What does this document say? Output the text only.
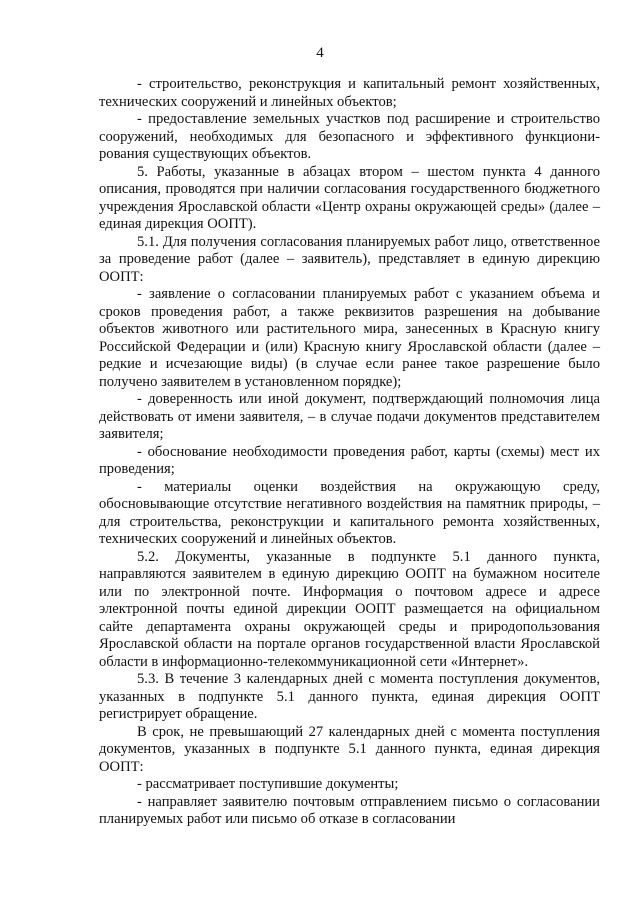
4

- строительство, реконструкция и капитальный ремонт хозяйственных, технических сооружений и линейных объектов;

- предоставление земельных участков под расширение и строительство сооружений, необходимых для безопасного и эффективного функциони-рования существующих объектов.

5. Работы, указанные в абзацах втором – шестом пункта 4 данного описания, проводятся при наличии согласования государственного бюджетного учреждения Ярославской области «Центр охраны окружающей среды» (далее – единая дирекция ООПТ).

5.1. Для получения согласования планируемых работ лицо, ответственное за проведение работ (далее – заявитель), представляет в единую дирекцию ООПТ:

- заявление о согласовании планируемых работ с указанием объема и сроков проведения работ, а также реквизитов разрешения на добывание объектов животного или растительного мира, занесенных в Красную книгу Российской Федерации и (или) Красную книгу Ярославской области (далее – редкие и исчезающие виды) (в случае если ранее такое разрешение было получено заявителем в установленном порядке);

- доверенность или иной документ, подтверждающий полномочия лица действовать от имени заявителя, – в случае подачи документов представителем заявителя;

- обоснование необходимости проведения работ, карты (схемы) мест их проведения;

- материалы оценки воздействия на окружающую среду, обосновывающие отсутствие негативного воздействия на памятник природы, – для строительства, реконструкции и капитального ремонта хозяйственных, технических сооружений и линейных объектов.

5.2. Документы, указанные в подпункте 5.1 данного пункта, направляются заявителем в единую дирекцию ООПТ на бумажном носителе или по электронной почте. Информация о почтовом адресе и адресе электронной почты единой дирекции ООПТ размещается на официальном сайте департамента охраны окружающей среды и природопользования Ярославской области на портале органов государственной власти Ярославской области в информационно-телекоммуникационной сети «Интернет».

5.3. В течение 3 календарных дней с момента поступления документов, указанных в подпункте 5.1 данного пункта, единая дирекция ООПТ регистрирует обращение.

В срок, не превышающий 27 календарных дней с момента поступления документов, указанных в подпункте 5.1 данного пункта, единая дирекция ООПТ:

- рассматривает поступившие документы;

- направляет заявителю почтовым отправлением письмо о согласовании планируемых работ или письмо об отказе в согласовании
